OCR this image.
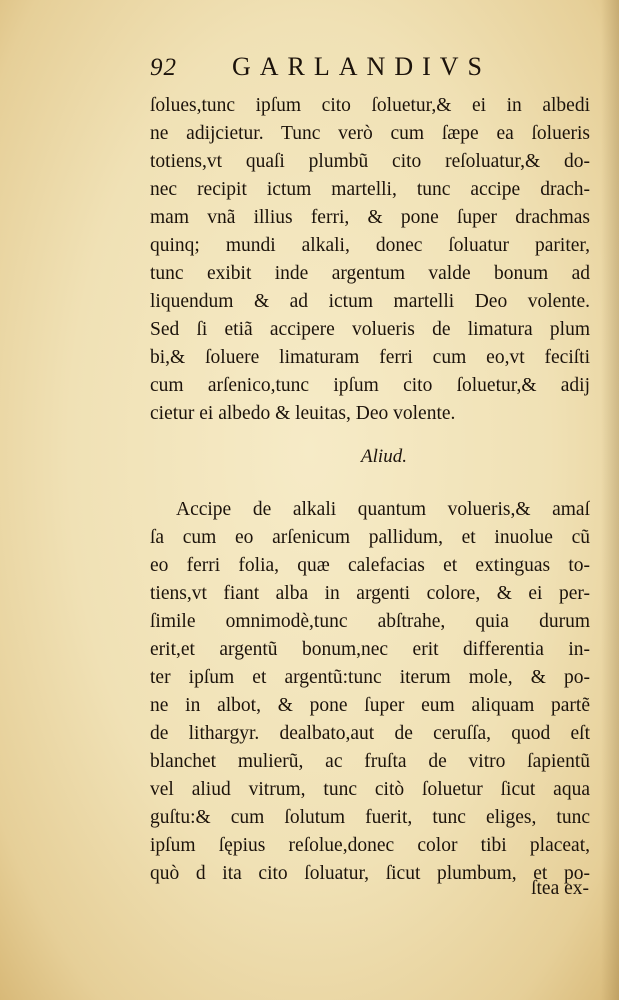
92 GARLANDIVS
ſolues,tunc ipſum cito ſoluetur,& ei in albedi
ne adijcietur. Tunc verò cum ſæpe ea ſolueris
totiens,vt quaſi plumbũ cito reſoluatur,& do-
nec recipit ictum martelli, tunc accipe drach-
mam vnã illius ferri, & pone ſuper drachmas
quinq; mundi alkali, donec ſoluatur pariter,
tunc exibit inde argentum valde bonum ad
liquendum & ad ictum martelli Deo volente.
Sed ſi etiã accipere volueris de limatura plum
bi,& ſoluere limaturam ferri cum eo,vt feciſti
cum arſenico,tunc ipſum cito ſoluetur,& adij
cietur ei albedo & leuitas, Deo volente.
Aliud.
Accipe de alkali quantum volueris,& amaſ
ſa cum eo arſenicum pallidum, et inuolue cũ
eo ferri folia, quæ calefacias et extinguas to-
tiens,vt fiant alba in argenti colore, & ei per-
ſimile omnimodè,tunc abſtrahe, quia durum
erit,et argentũ bonum,nec erit differentia in-
ter ipſum et argentũ:tunc iterum mole, & po-
ne in albot, & pone ſuper eum aliquam partẽ
de lithargyr. dealbato,aut de ceruſſa, quod eſt
blanchet mulierũ, ac fruſta de vitro ſapientũ
vel aliud vitrum, tunc citò ſoluetur ſicut aqua
guſtu:& cum ſolutum fuerit, tunc eliges, tunc
ipſum ſępius reſolue,donec color tibi placeat,
quò d ita cito ſoluatur, ſicut plumbum, et po-
ſtea ex-
